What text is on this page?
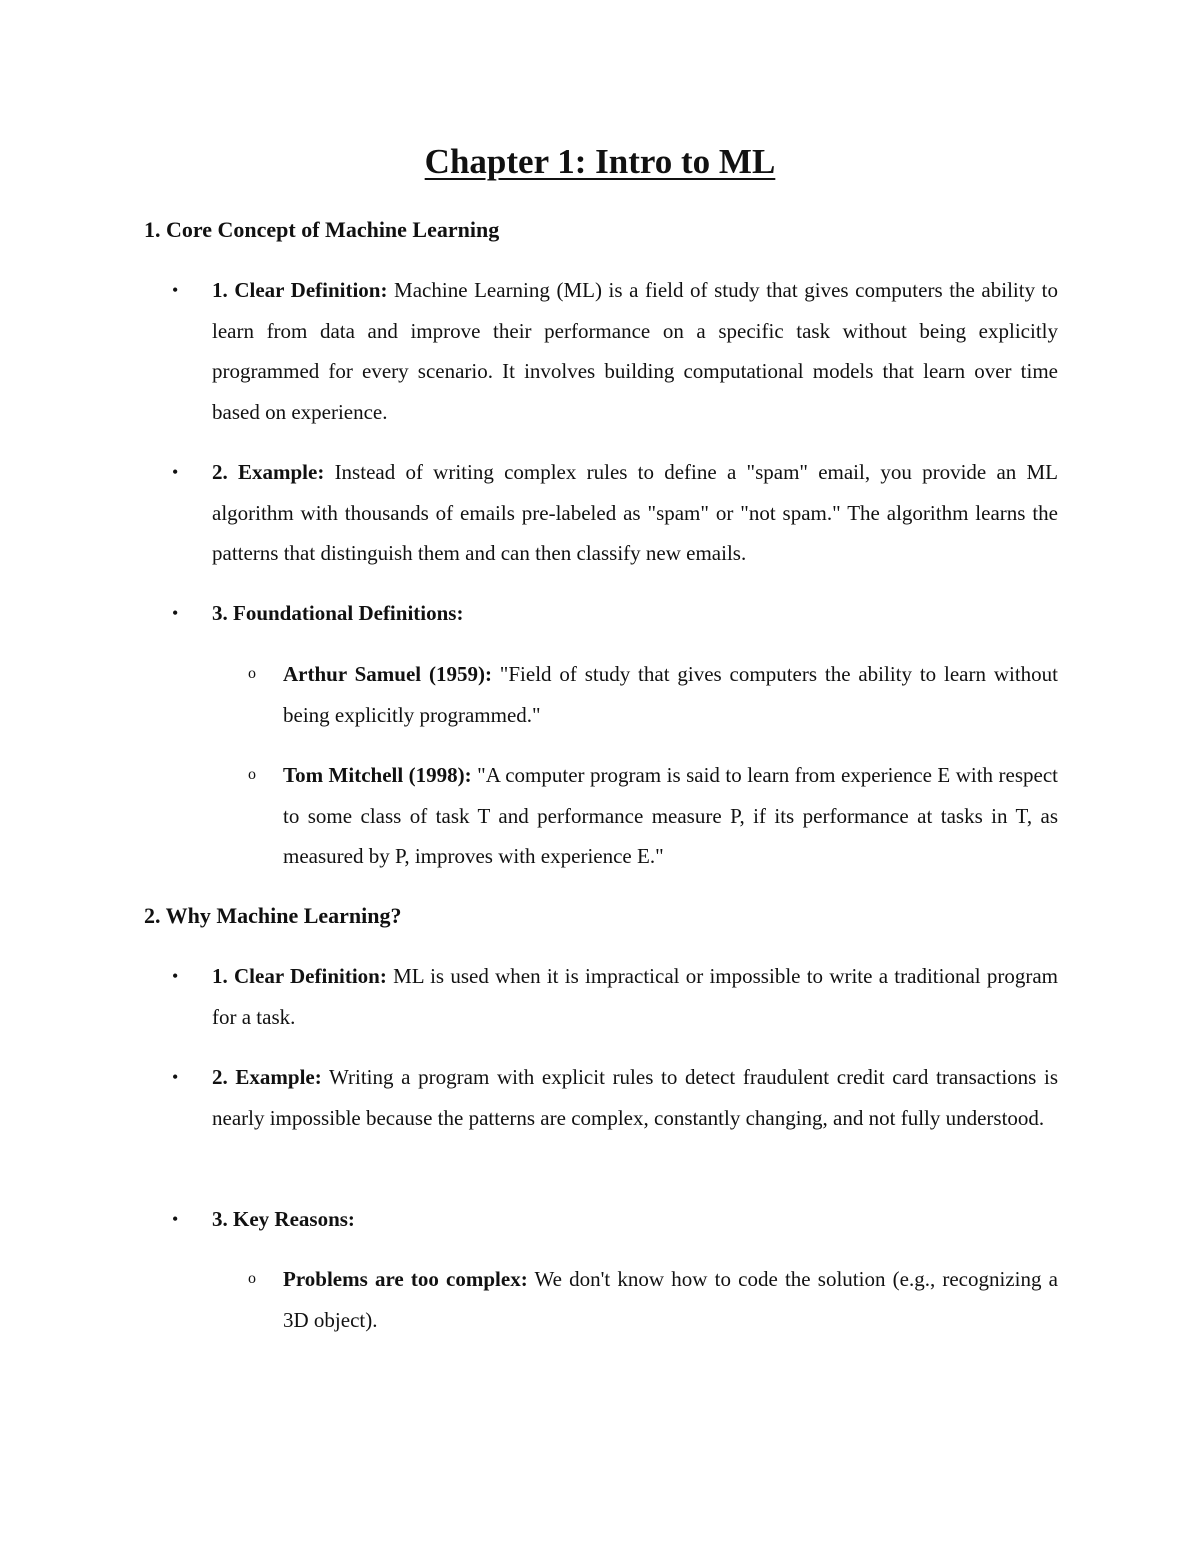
Chapter 1: Intro to ML
1. Core Concept of Machine Learning

•	1. Clear Definition: Machine Learning (ML) is a field of study that gives computers the ability to learn from data and improve their performance on a specific task without being explicitly programmed for every scenario. It involves building computational models that learn over time based on experience.

•	2. Example: Instead of writing complex rules to define a "spam" email, you provide an ML algorithm with thousands of emails pre-labeled as "spam" or "not spam." The algorithm learns the patterns that distinguish them and can then classify new emails.

•	3. Foundational Definitions:

o Arthur Samuel (1959): "Field of study that gives computers the ability to learn without being explicitly programmed."

o Tom Mitchell (1998): "A computer program is said to learn from experience E with respect to some class of task T and performance measure P, if its performance at tasks in T, as measured by P, improves with experience E."

2. Why Machine Learning?

•	1. Clear Definition: ML is used when it is impractical or impossible to write a traditional program for a task.

•	2. Example: Writing a program with explicit rules to detect fraudulent credit card transactions is nearly impossible because the patterns are complex, constantly changing, and not fully understood.

•	3. Key Reasons:

o Problems are too complex: We don't know how to code the solution (e.g., recognizing a 3D object).
